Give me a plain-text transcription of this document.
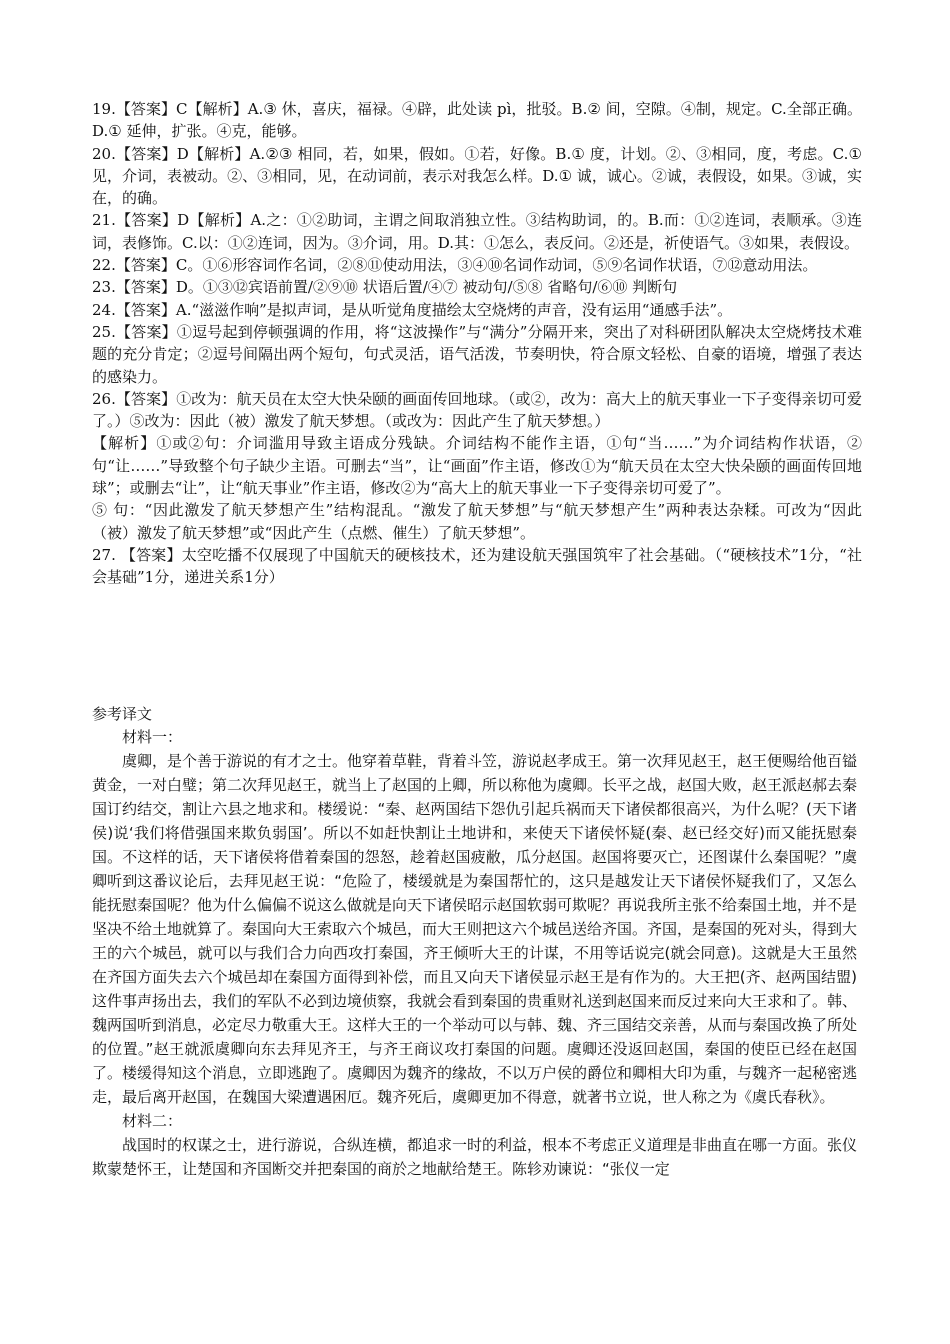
19.【答案】C【解析】A.③ 休，喜庆，福禄。④辟，此处读 pì，批驳。B.② 间，空隙。④制，规定。C.全部正确。D.① 延伸，扩张。④克，能够。

20.【答案】D【解析】A.②③ 相同，若，如果，假如。①若，好像。B.① 度，计划。②、③相同，度，考虑。C.① 见，介词，表被动。②、③相同，见，在动词前，表示对我怎么样。D.① 诚，诚心。②诚，表假设，如果。③诚，实在，的确。

21.【答案】D【解析】A.之：①②助词，主谓之间取消独立性。③结构助词，的。B.而：①②连词，表顺承。③连词，表修饰。C.以：①②连词，因为。③介词，用。D.其：①怎么，表反问。②还是，祈使语气。③如果，表假设。

22.【答案】C。①⑥形容词作名词，②⑧⑪使动用法，③④⑩名词作动词，⑤⑨名词作状语，⑦⑫意动用法。

23.【答案】D。①③⑫宾语前置/②⑨⑩ 状语后置/④⑦ 被动句/⑤⑧ 省略句/⑥⑩ 判断句

24.【答案】A.“滋滋作响”是拟声词，是从听觉角度描绘太空烧烤的声音，没有运用“通感手法”。

25.【答案】①逗号起到停顿强调的作用，将“这波操作”与“满分”分隔开来，突出了对科研团队解决太空烧烤技术难题的充分肯定；②逗号间隔出两个短句，句式灵活，语气活泼，节奏明快，符合原文轻松、自豪的语境，增强了表达的感染力。

26.【答案】①改为：航天员在太空大快朵颐的画面传回地球。（或②，改为：高大上的航天事业一下子变得亲切可爱了。）⑤改为：因此（被）激发了航天梦想。（或改为：因此产生了航天梦想。）

【解析】①或②句：介词滥用导致主语成分残缺。介词结构不能作主语，①句“当……”为介词结构作状语，②句“让……”导致整个句子缺少主语。可删去“当”，让“画面”作主语，修改①为“航天员在太空大快朵颐的画面传回地球”；或删去“让”，让“航天事业”作主语，修改②为“高大上的航天事业一下子变得亲切可爱了”。

⑤ 句：“因此激发了航天梦想产生”结构混乱。“激发了航天梦想”与“航天梦想产生”两种表达杂糅。可改为“因此（被）激发了航天梦想”或“因此产生（点燃、催生）了航天梦想”。

27. 【答案】太空吃播不仅展现了中国航天的硬核技术，还为建设航天强国筑牢了社会基础。（“硬核技术”1分，“社会基础”1分，递进关系1分）

参考译文

材料一：

虞卿，是个善于游说的有才之士。他穿着草鞋，背着斗笠，游说赵孝成王。第一次拜见赵王，赵王便赐给他百镒黄金，一对白璧；第二次拜见赵王，就当上了赵国的上卿，所以称他为虞卿。长平之战，赵国大败，赵王派赵郝去秦国订约结交，割让六县之地求和。楼缓说：“秦、赵两国结下怨仇引起兵祸而天下诸侯都很高兴，为什么呢？(天下诸侯)说‘我们将借强国来欺负弱国’。所以不如赶快割让土地讲和，来使天下诸侯怀疑(秦、赵已经交好)而又能抚慰秦国。不这样的话，天下诸侯将借着秦国的怨怒，趁着赵国疲敝，瓜分赵国。赵国将要灭亡，还图谋什么秦国呢？”虞卿听到这番议论后，去拜见赵王说：“危险了，楼缓就是为秦国帮忙的，这只是越发让天下诸侯怀疑我们了，又怎么能抚慰秦国呢？他为什么偏偏不说这么做就是向天下诸侯昭示赵国软弱可欺呢？再说我所主张不给秦国土地，并不是坚决不给土地就算了。秦国向大王索取六个城邑，而大王则把这六个城邑送给齐国。齐国，是秦国的死对头，得到大王的六个城邑，就可以与我们合力向西攻打秦国，齐王倾听大王的计谋，不用等话说完(就会同意)。这就是大王虽然在齐国方面失去六个城邑却在秦国方面得到补偿，而且又向天下诸侯显示赵王是有作为的。大王把(齐、赵两国结盟)这件事声扬出去，我们的军队不必到边境侦察，我就会看到秦国的贵重财礼送到赵国来而反过来向大王求和了。韩、魏两国听到消息，必定尽力敬重大王。这样大王的一个举动可以与韩、魏、齐三国结交亲善，从而与秦国改换了所处的位置。”赵王就派虞卿向东去拜见齐王，与齐王商议攻打秦国的问题。虞卿还没返回赵国，秦国的使臣已经在赵国了。楼缓得知这个消息，立即逃跑了。虞卿因为魏齐的缘故，不以万户侯的爵位和卿相大印为重，与魏齐一起秘密逃走，最后离开赵国，在魏国大梁遭遇困厄。魏齐死后，虞卿更加不得意，就著书立说，世人称之为《虞氏春秋》。

材料二：

战国时的权谋之士，进行游说，合纵连横，都追求一时的利益，根本不考虑正义道理是非曲直在哪一方面。张仪欺蒙楚怀王，让楚国和齐国断交并把秦国的商於之地献给楚王。陈轸劝谏说：“张仪一定
